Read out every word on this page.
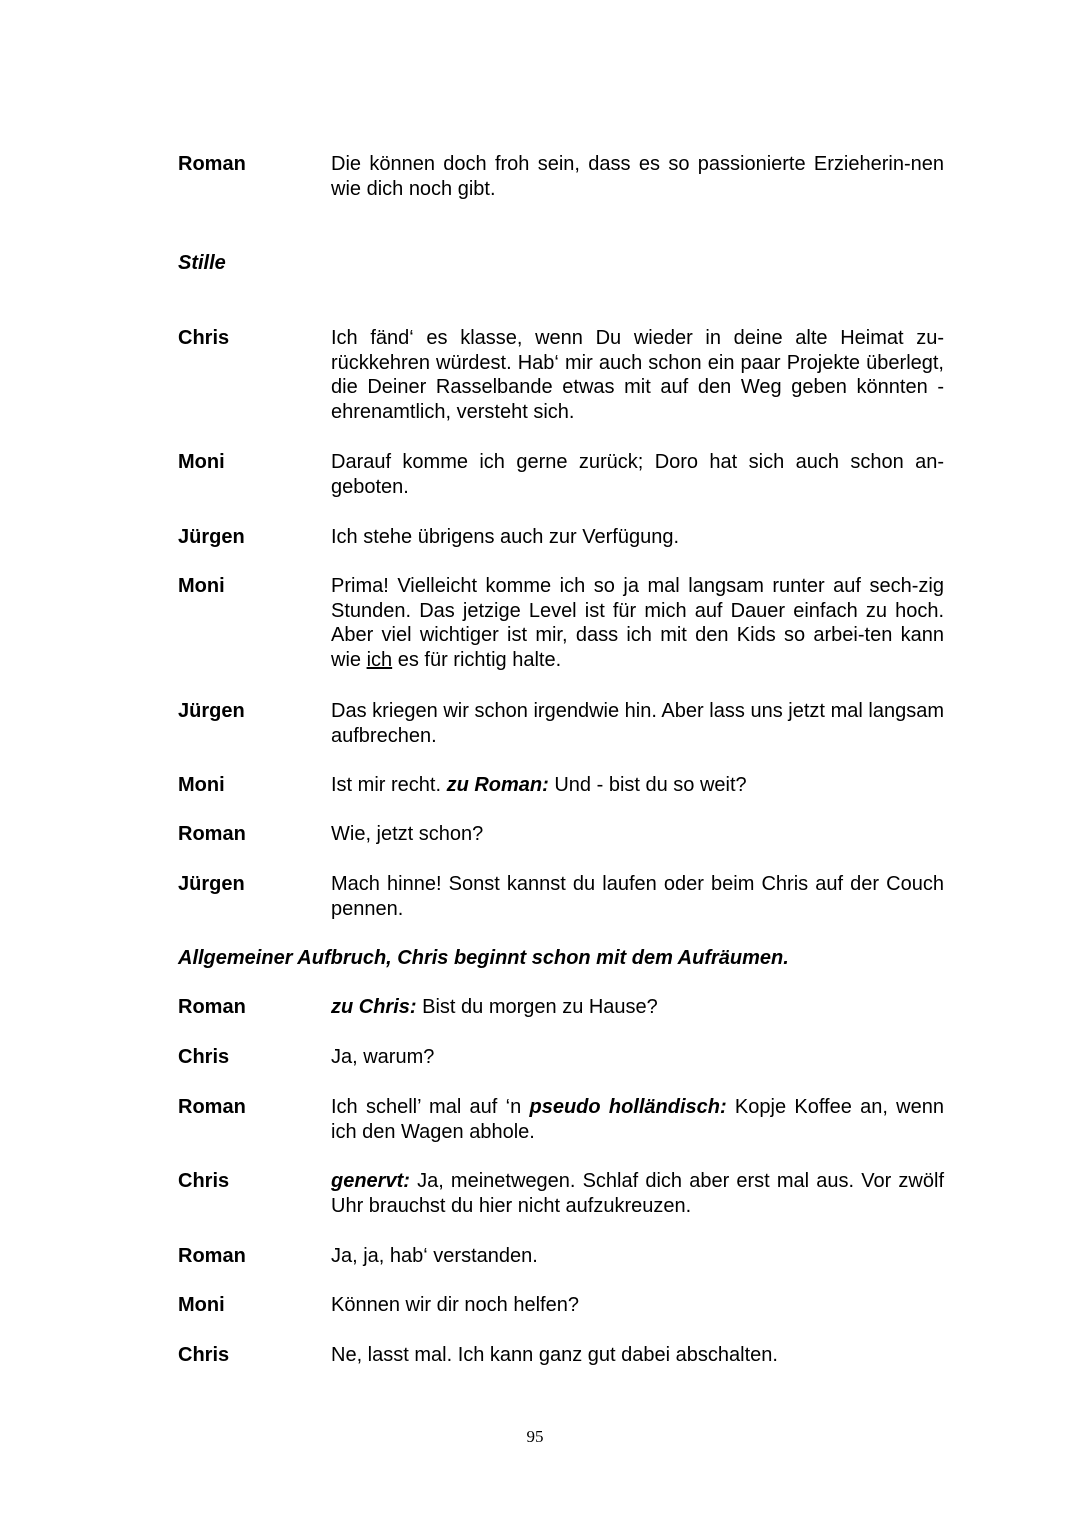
Roman	Die können doch froh sein, dass es so passionierte Erzieherin-nen wie dich noch gibt.
Stille
Chris	Ich fänd‘ es klasse, wenn Du wieder in deine alte Heimat zu-rückkehren würdest. Hab‘ mir auch schon ein paar Projekte überlegt, die Deiner Rasselbande etwas mit auf den Weg geben könnten - ehrenamtlich, versteht sich.
Moni	Darauf komme ich gerne zurück; Doro hat sich auch schon an-geboten.
Jürgen	Ich stehe übrigens auch zur Verfügung.
Moni	Prima! Vielleicht komme ich so ja mal langsam runter auf sech-zig Stunden. Das jetzige Level ist für mich auf Dauer einfach zu hoch. Aber viel wichtiger ist mir, dass ich mit den Kids so arbei-ten kann wie ich es für richtig halte.
Jürgen	Das kriegen wir schon irgendwie hin. Aber lass uns jetzt mal langsam aufbrechen.
Moni	Ist mir recht. zu Roman: Und - bist du so weit?
Roman	Wie, jetzt schon?
Jürgen	Mach hinne! Sonst kannst du laufen oder beim Chris auf der Couch pennen.
Allgemeiner Aufbruch, Chris beginnt schon mit dem Aufräumen.
Roman	zu Chris: Bist du morgen zu Hause?
Chris	Ja, warum?
Roman	Ich schell’ mal auf ‘n pseudo holländisch: Kopje Koffee an, wenn ich den Wagen abhole.
Chris	genervt: Ja, meinetwegen. Schlaf dich aber erst mal aus. Vor zwölf Uhr brauchst du hier nicht aufzukreuzen.
Roman	Ja, ja, hab‘ verstanden.
Moni	Können wir dir noch helfen?
Chris	Ne, lasst mal. Ich kann ganz gut dabei abschalten.
95
